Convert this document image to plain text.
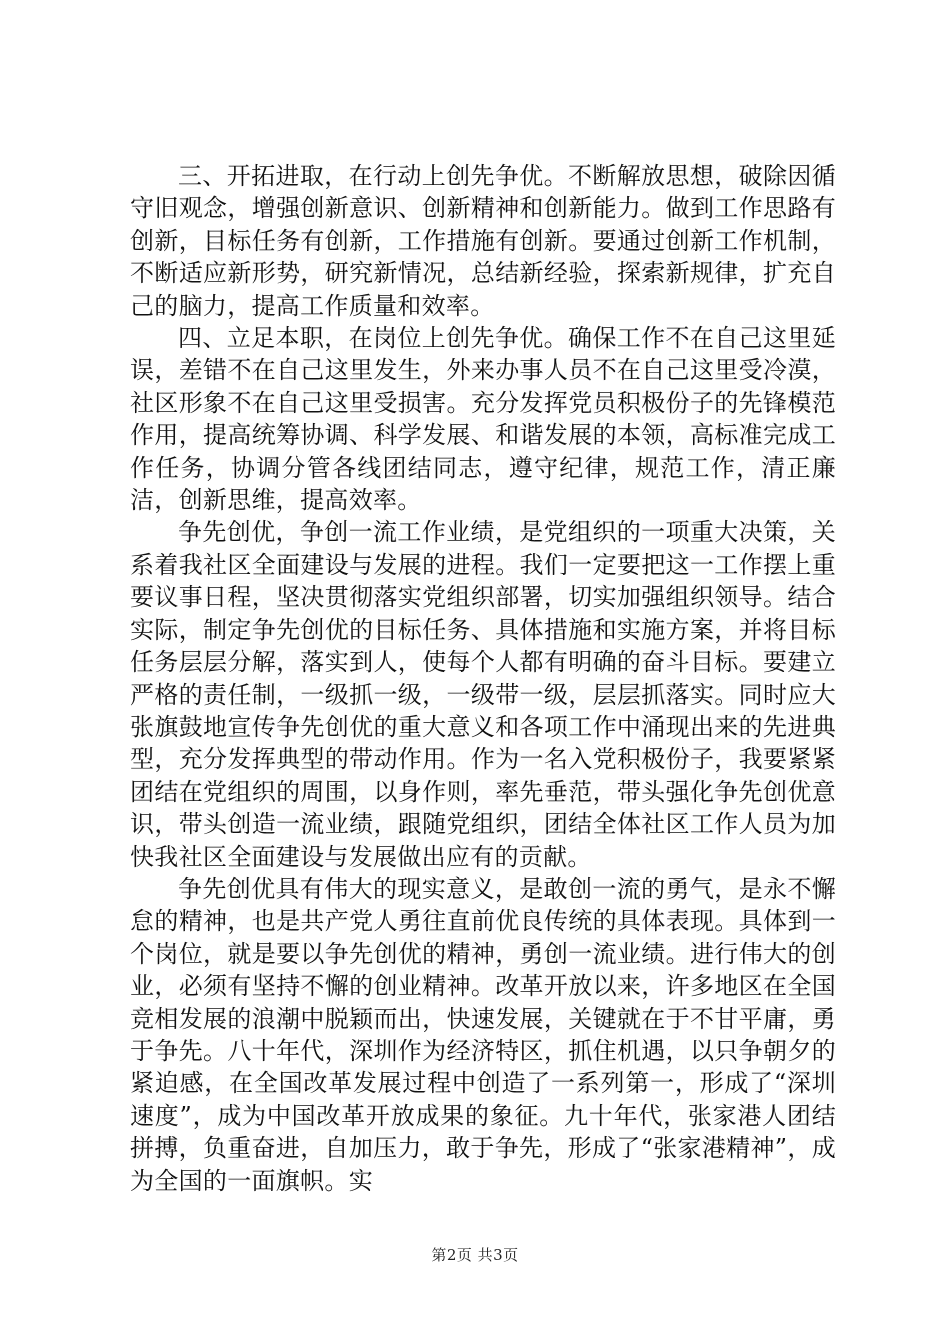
三、开拓进取，在行动上创先争优。不断解放思想，破除因循守旧观念，增强创新意识、创新精神和创新能力。做到工作思路有创新，目标任务有创新，工作措施有创新。要通过创新工作机制，不断适应新形势，研究新情况，总结新经验，探索新规律，扩充自己的脑力，提高工作质量和效率。

四、立足本职，在岗位上创先争优。确保工作不在自己这里延误，差错不在自己这里发生，外来办事人员不在自己这里受冷漠，社区形象不在自己这里受损害。充分发挥党员积极份子的先锋模范作用，提高统筹协调、科学发展、和谐发展的本领，高标准完成工作任务，协调分管各线团结同志，遵守纪律，规范工作，清正廉洁，创新思维，提高效率。

争先创优，争创一流工作业绩，是党组织的一项重大决策，关系着我社区全面建设与发展的进程。我们一定要把这一工作摆上重要议事日程，坚决贯彻落实党组织部署，切实加强组织领导。结合实际，制定争先创优的目标任务、具体措施和实施方案，并将目标任务层层分解，落实到人，使每个人都有明确的奋斗目标。要建立严格的责任制，一级抓一级，一级带一级，层层抓落实。同时应大张旗鼓地宣传争先创优的重大意义和各项工作中涌现出来的先进典型，充分发挥典型的带动作用。作为一名入党积极份子，我要紧紧团结在党组织的周围，以身作则，率先垂范，带头强化争先创优意识，带头创造一流业绩，跟随党组织，团结全体社区工作人员为加快我社区全面建设与发展做出应有的贡献。

争先创优具有伟大的现实意义，是敢创一流的勇气，是永不懈怠的精神，也是共产党人勇往直前优良传统的具体表现。具体到一个岗位，就是要以争先创优的精神，勇创一流业绩。进行伟大的创业，必须有坚持不懈的创业精神。改革开放以来，许多地区在全国竞相发展的浪潮中脱颖而出，快速发展，关键就在于不甘平庸，勇于争先。八十年代，深圳作为经济特区，抓住机遇，以只争朝夕的紧迫感，在全国改革发展过程中创造了一系列第一，形成了“深圳速度”，成为中国改革开放成果的象征。九十年代，张家港人团结拼搏，负重奋进，自加压力，敢于争先，形成了“张家港精神”，成为全国的一面旗帜。实

第2页 共3页
